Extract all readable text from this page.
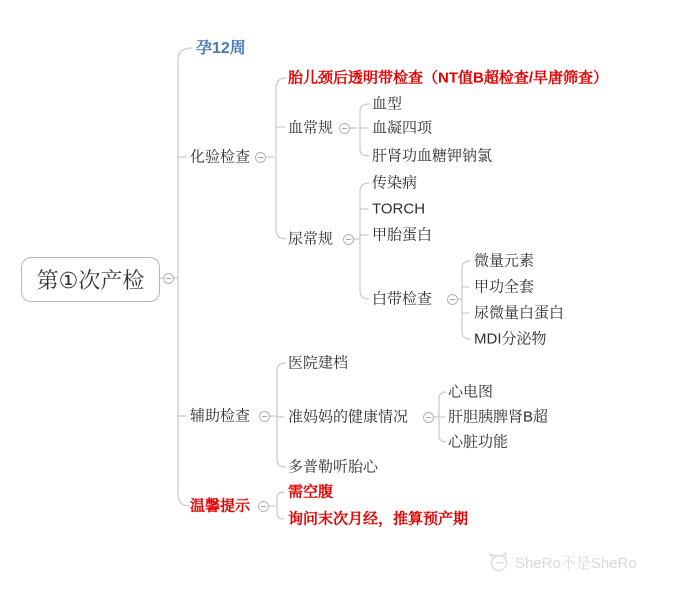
第①次产检
孕12周
化验检查
辅助检查
温馨提示
胎儿颈后透明带检查（NT值B超检查/早唐筛查）
血常规
血型
血凝四项
肝肾功血糖钾钠氯
尿常规
传染病
TORCH
甲胎蛋白
白带检查
微量元素
甲功全套
尿微量白蛋白
MDI分泌物
医院建档
准妈妈的健康情况
心电图
肝胆胰脾肾B超
心脏功能
多普勒听胎心
需空腹
询问末次月经，推算预产期
SheRo不是SheRo
